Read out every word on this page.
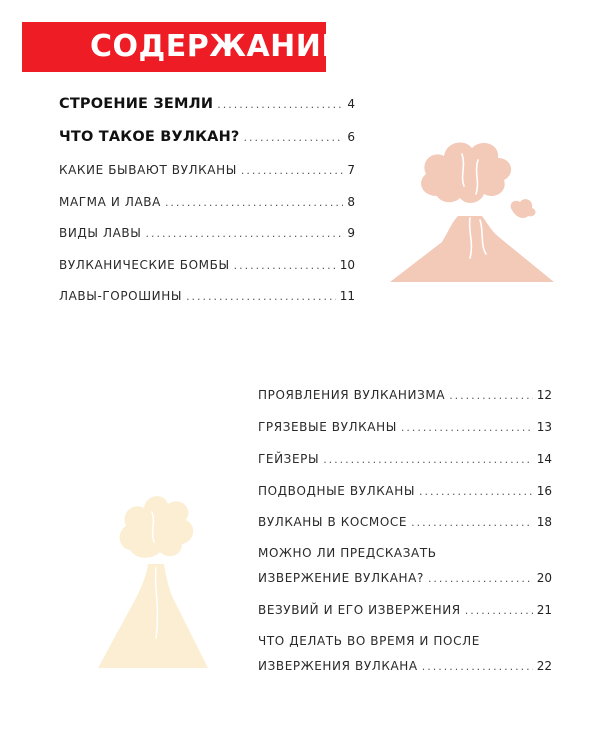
СОДЕРЖАНИЕ
СТРОЕНИЕ ЗЕМЛИ .....	4
ЧТО ТАКОЕ ВУЛКАН? .....	6
КАКИЕ БЫВАЮТ ВУЛКАНЫ .....	7
МАГМА И ЛАВА .....	8
ВИДЫ ЛАВЫ .....	9
ВУЛКАНИЧЕСКИЕ БОМБЫ .....	10
ЛАВЫ-ГОРОШИНЫ .....	11
ПРОЯВЛЕНИЯ ВУЛКАНИЗМА .....	12
ГРЯЗЕВЫЕ ВУЛКАНЫ .....	13
ГЕЙЗЕРЫ .....	14
ПОДВОДНЫЕ ВУЛКАНЫ .....	16
ВУЛКАНЫ В КОСМОСЕ .....	18
МОЖНО ЛИ ПРЕДСКАЗАТЬ
ИЗВЕРЖЕНИЕ ВУЛКАНА? .....	20
ВЕЗУВИЙ И ЕГО ИЗВЕРЖЕНИЯ .....	21
ЧТО ДЕЛАТЬ ВО ВРЕМЯ И ПОСЛЕ
ИЗВЕРЖЕНИЯ ВУЛКАНА .....	22
